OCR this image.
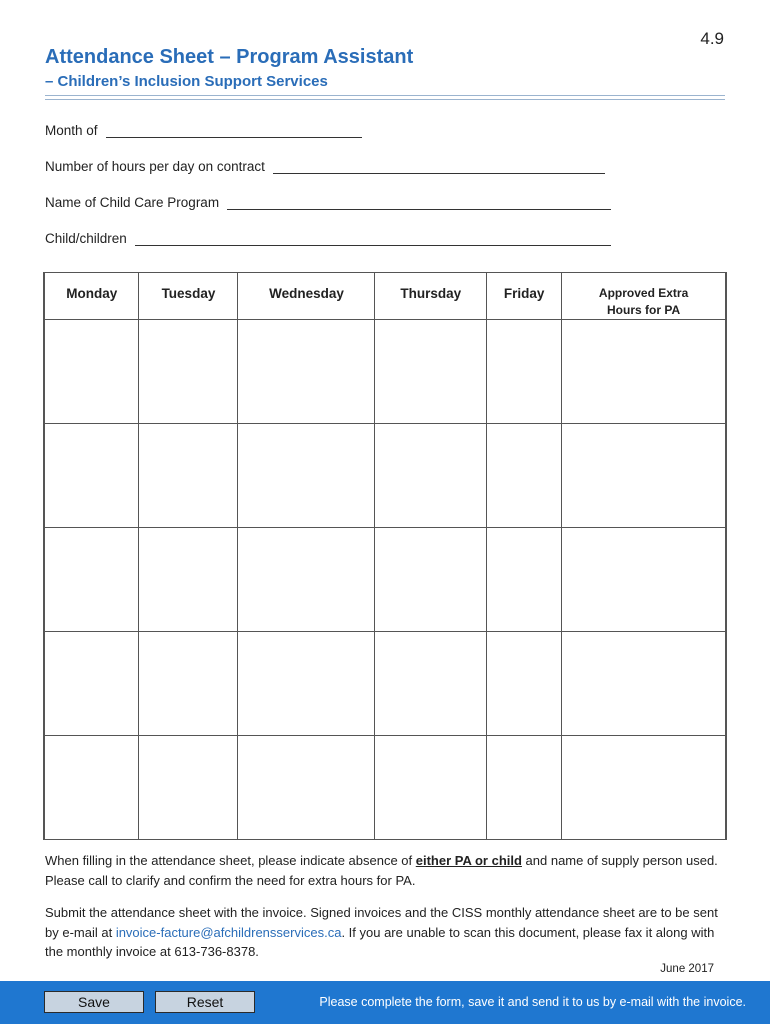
4.9
Attendance Sheet – Program Assistant
– Children’s Inclusion Support Services
Month of
Number of hours per day on contract
Name of Child Care Program
Child/children
Monday	Tuesday	Wednesday	Thursday	Friday	Approved Extra
Hours for PA

When filling in the attendance sheet, please indicate absence of either PA or child and name of supply person used. Please call to clarify and confirm the need for extra hours for PA.
Submit the attendance sheet with the invoice. Signed invoices and the CISS monthly attendance sheet are to be sent by e-mail at invoice-facture@afchildrensservices.ca. If you are unable to scan this document, please fax it along with the monthly invoice at 613-736-8378.
June 2017
Save	Reset	Please complete the form, save it and send it to us by e-mail with the invoice.
